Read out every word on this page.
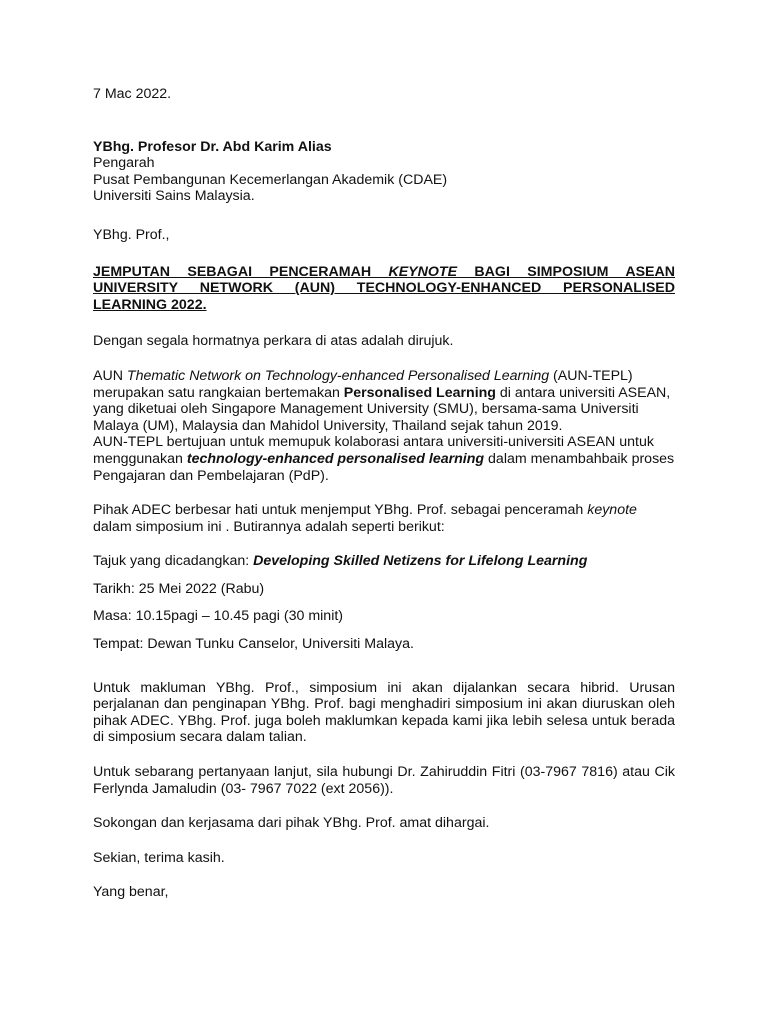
7 Mac 2022.

YBhg. Profesor Dr. Abd Karim Alias

Pengarah

Pusat Pembangunan Kecemerlangan Akademik (CDAE)

Universiti Sains Malaysia.

YBhg. Prof.,

JEMPUTAN SEBAGAI PENCERAMAH KEYNOTE BAGI SIMPOSIUM ASEAN UNIVERSITY NETWORK (AUN) TECHNOLOGY-ENHANCED PERSONALISED LEARNING 2022.

Dengan segala hormatnya perkara di atas adalah dirujuk.

AUN Thematic Network on Technology-enhanced Personalised Learning (AUN-TEPL) merupakan satu rangkaian bertemakan Personalised Learning di antara universiti ASEAN, yang diketuai oleh Singapore Management University (SMU), bersama-sama Universiti Malaya (UM), Malaysia dan Mahidol University, Thailand sejak tahun 2019.
AUN-TEPL bertujuan untuk memupuk kolaborasi antara universiti-universiti ASEAN untuk menggunakan technology-enhanced personalised learning dalam menambahbaik proses Pengajaran dan Pembelajaran (PdP).

Pihak ADEC berbesar hati untuk menjemput YBhg. Prof. sebagai penceramah keynote dalam simposium ini . Butirannya adalah seperti berikut:

Tajuk yang dicadangkan: Developing Skilled Netizens for Lifelong Learning

Tarikh: 25 Mei 2022 (Rabu)

Masa: 10.15pagi – 10.45 pagi (30 minit)

Tempat: Dewan Tunku Canselor, Universiti Malaya.

Untuk makluman YBhg. Prof., simposium ini akan dijalankan secara hibrid. Urusan perjalanan dan penginapan YBhg. Prof. bagi menghadiri simposium ini akan diuruskan oleh pihak ADEC. YBhg. Prof. juga boleh maklumkan kepada kami jika lebih selesa untuk berada di simposium secara dalam talian.

Untuk sebarang pertanyaan lanjut, sila hubungi Dr. Zahiruddin Fitri (03-7967 7816) atau Cik Ferlynda Jamaludin (03- 7967 7022 (ext 2056)).

Sokongan dan kerjasama dari pihak YBhg. Prof. amat dihargai.

Sekian, terima kasih.

Yang benar,
